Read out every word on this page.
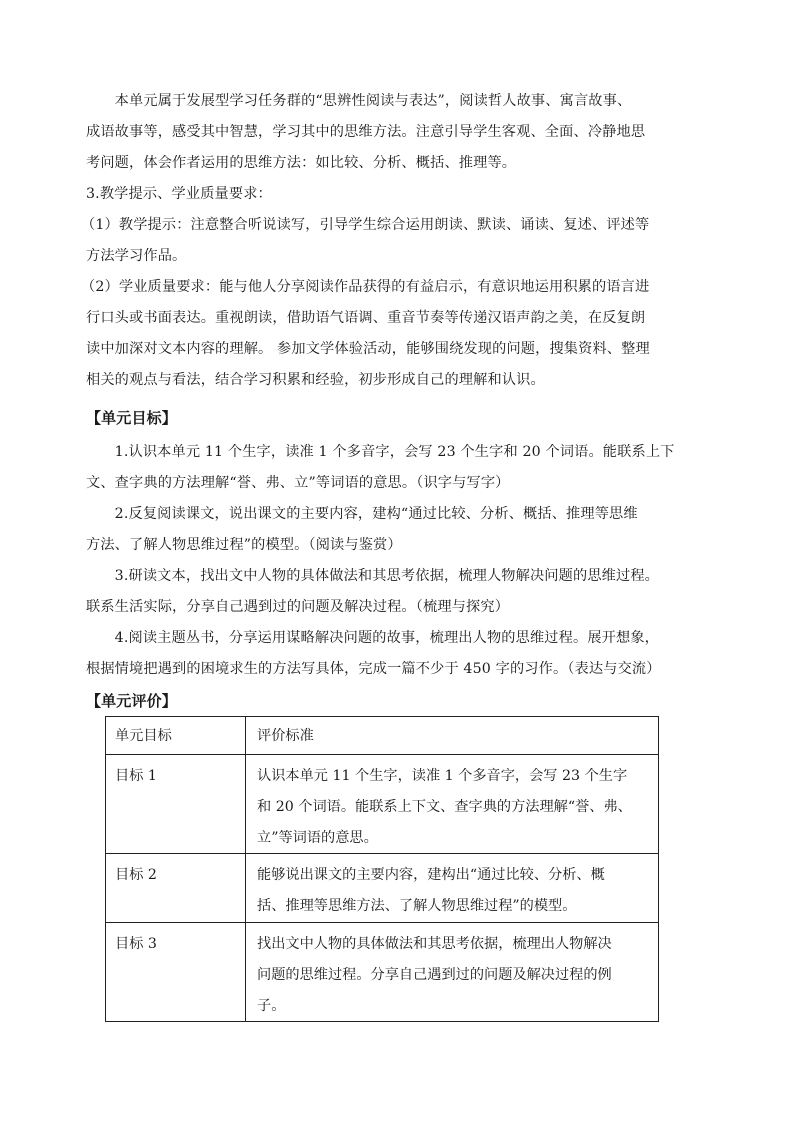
　　本单元属于发展型学习任务群的“思辨性阅读与表达”，阅读哲人故事、寓言故事、
成语故事等，感受其中智慧，学习其中的思维方法。注意引导学生客观、全面、冷静地思
考问题，体会作者运用的思维方法：如比较、分析、概括、推理等。
3.教学提示、学业质量要求：
（1）教学提示：注意整合听说读写，引导学生综合运用朗读、默读、诵读、复述、评述等
方法学习作品。
（2）学业质量要求：能与他人分享阅读作品获得的有益启示，有意识地运用积累的语言进
行口头或书面表达。重视朗读，借助语气语调、重音节奏等传递汉语声韵之美，在反复朗
读中加深对文本内容的理解。 参加文学体验活动，能够围绕发现的问题，搜集资料、整理
相关的观点与看法，结合学习积累和经验，初步形成自己的理解和认识。
【单元目标】
　　1.认识本单元 11 个生字，读准 1 个多音字，会写 23 个生字和 20 个词语。能联系上下
文、查字典的方法理解“誉、弗、立”等词语的意思。（识字与写字）
　　2.反复阅读课文，说出课文的主要内容，建构“通过比较、分析、概括、推理等思维
方法、了解人物思维过程”的模型。（阅读与鉴赏）
　　3.研读文本，找出文中人物的具体做法和其思考依据，梳理人物解决问题的思维过程。
联系生活实际，分享自己遇到过的问题及解决过程。（梳理与探究）
　　4.阅读主题丛书，分享运用谋略解决问题的故事，梳理出人物的思维过程。展开想象，
根据情境把遇到的困境求生的方法写具体，完成一篇不少于 450 字的习作。（表达与交流）
【单元评价】
单元目标	评价标准

目标 1	认识本单元 11 个生字，读准 1 个多音字，会写 23 个生字
和 20 个词语。能联系上下文、查字典的方法理解“誉、弗、
立”等词语的意思。

目标 2	能够说出课文的主要内容，建构出“通过比较、分析、概
括、推理等思维方法、了解人物思维过程”的模型。

目标 3	找出文中人物的具体做法和其思考依据，梳理出人物解决
问题的思维过程。分享自己遇到过的问题及解决过程的例
子。
